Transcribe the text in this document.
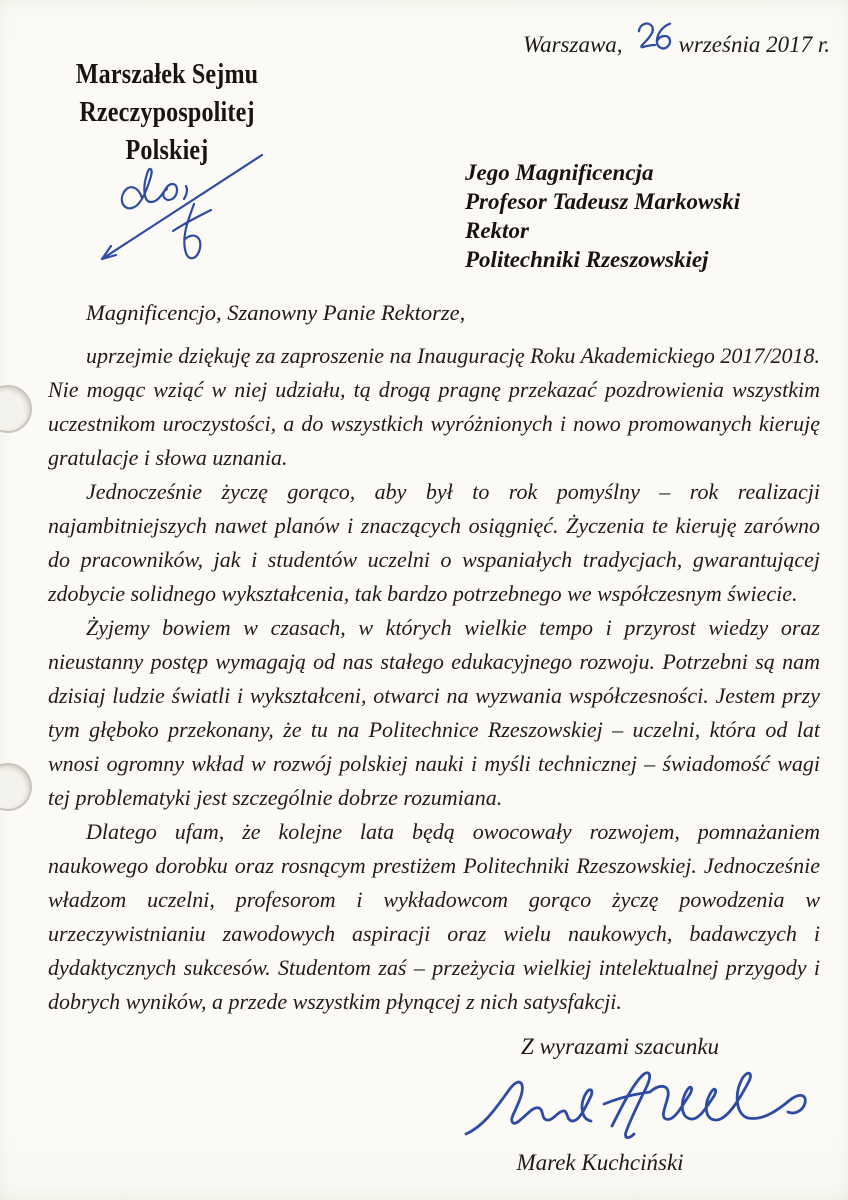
Warszawa, września 2017 r.
Marszałek Sejmu
Rzeczypospolitej Polskiej
Jego Magnificencja
Profesor Tadeusz Markowski
Rektor
Politechniki Rzeszowskiej
Magnificencjo, Szanowny Panie Rektorze,

uprzejmie dziękuję za zaproszenie na Inaugurację Roku Akademickiego 2017/2018. Nie mogąc wziąć w niej udziału, tą drogą pragnę przekazać pozdrowienia wszystkim uczestnikom uroczystości, a do wszystkich wyróżnionych i nowo promowanych kieruję gratulacje i słowa uznania.

Jednocześnie życzę gorąco, aby był to rok pomyślny – rok realizacji najambitniejszych nawet planów i znaczących osiągnięć. Życzenia te kieruję zarówno do pracowników, jak i studentów uczelni o wspaniałych tradycjach, gwarantującej zdobycie solidnego wykształcenia, tak bardzo potrzebnego we współczesnym świecie.

Żyjemy bowiem w czasach, w których wielkie tempo i przyrost wiedzy oraz nieustanny postęp wymagają od nas stałego edukacyjnego rozwoju. Potrzebni są nam dzisiaj ludzie światli i wykształceni, otwarci na wyzwania współczesności. Jestem przy tym głęboko przekonany, że tu na Politechnice Rzeszowskiej – uczelni, która od lat wnosi ogromny wkład w rozwój polskiej nauki i myśli technicznej – świadomość wagi tej problematyki jest szczególnie dobrze rozumiana.

Dlatego ufam, że kolejne lata będą owocowały rozwojem, pomnażaniem naukowego dorobku oraz rosnącym prestiżem Politechniki Rzeszowskiej. Jednocześnie władzom uczelni, profesorom i wykładowcom gorąco życzę powodzenia w urzeczywistnianiu zawodowych aspiracji oraz wielu naukowych, badawczych i dydaktycznych sukcesów. Studentom zaś – przeżycia wielkiej intelektualnej przygody i dobrych wyników, a przede wszystkim płynącej z nich satysfakcji.

Z wyrazami szacunku
Marek Kuchciński
